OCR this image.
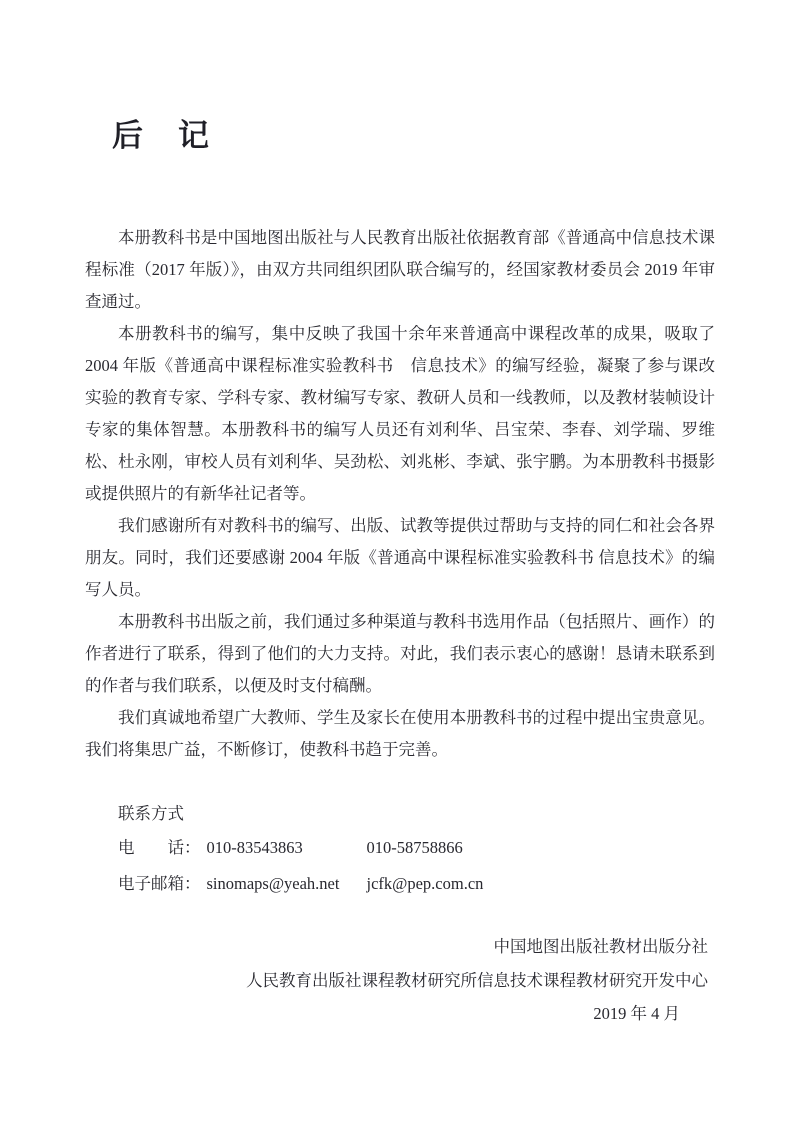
后　记

本册教科书是中国地图出版社与人民教育出版社依据教育部《普通高中信息技术课程标准（2017 年版）》，由双方共同组织团队联合编写的，经国家教材委员会 2019 年审查通过。

本册教科书的编写，集中反映了我国十余年来普通高中课程改革的成果，吸取了 2004 年版《普通高中课程标准实验教科书　信息技术》的编写经验，凝聚了参与课改实验的教育专家、学科专家、教材编写专家、教研人员和一线教师，以及教材装帧设计专家的集体智慧。本册教科书的编写人员还有刘利华、吕宝荣、李春、刘学瑞、罗维松、杜永刚，审校人员有刘利华、吴劲松、刘兆彬、李斌、张宇鹏。为本册教科书摄影或提供照片的有新华社记者等。

我们感谢所有对教科书的编写、出版、试教等提供过帮助与支持的同仁和社会各界朋友。同时，我们还要感谢 2004 年版《普通高中课程标准实验教科书 信息技术》的编写人员。

本册教科书出版之前，我们通过多种渠道与教科书选用作品（包括照片、画作）的作者进行了联系，得到了他们的大力支持。对此，我们表示衷心的感谢！恳请未联系到的作者与我们联系，以便及时支付稿酬。

我们真诚地希望广大教师、学生及家长在使用本册教科书的过程中提出宝贵意见。我们将集思广益，不断修订，使教科书趋于完善。

联系方式

电话： 010-83543863	010-58758866

电子邮箱： sinomaps@yeah.net jcfk@pep.com.cn

中国地图出版社教材出版分社
人民教育出版社课程教材研究所信息技术课程教材研究开发中心
2019 年 4 月
